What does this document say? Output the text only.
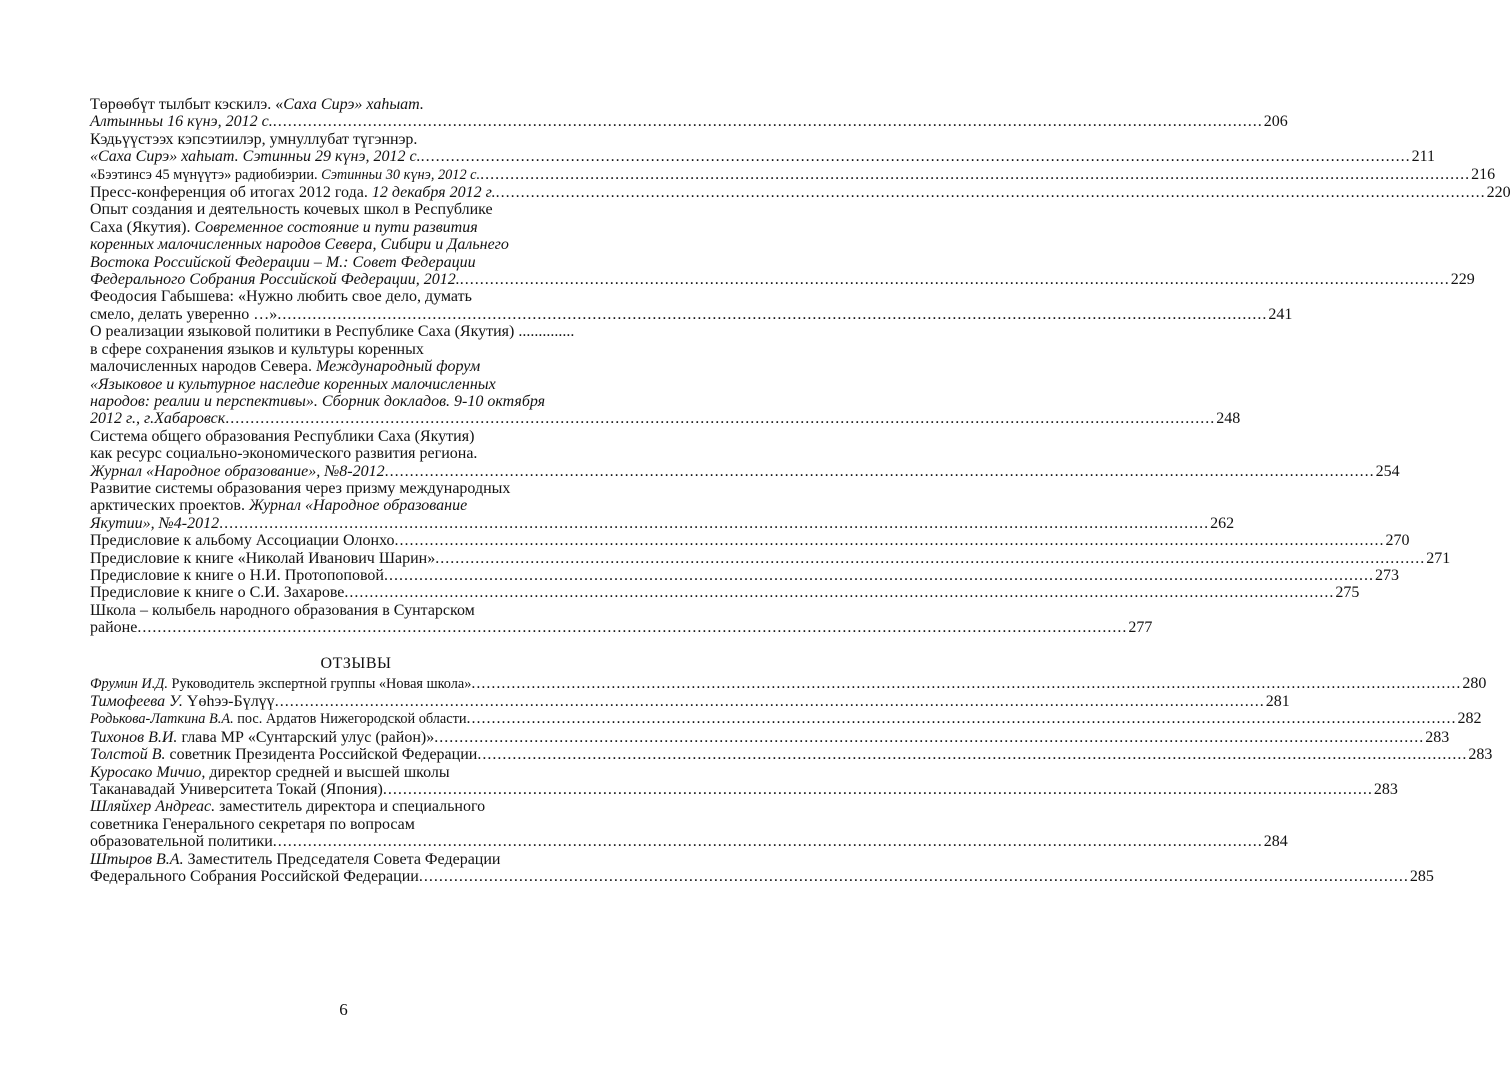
Төрөөбүт тылбыт кэскилэ. «Саха Сирэ» хаһыат.
Алтынньы 16 күнэ, 2012 с. .....	206
Кэдьүүстээх кэпсэтиилэр, умнуллубат түгэннэр.
«Саха Сирэ» хаһыат. Сэтинньи 29 күнэ, 2012 с. .....	211
«Бээтинсэ 45 мүнүүтэ» радиобиэрии. Сэтинньи 30 күнэ, 2012 с. .....	216
Пресс-конференция об итогах 2012 года. 12 декабря 2012 г. .....	220
Опыт создания и деятельность кочевых школ в Республике
Саха (Якутия). Современное состояние и пути развития
коренных малочисленных народов Севера, Сибири и Дальнего
Востока Российской Федерации – М.: Совет Федерации
Федерального Собрания Российской Федерации, 2012. .....	229
Феодосия Габышева: «Нужно любить свое дело, думать
смело, делать уверенно …» .....	241
О реализации языковой политики в Республике Саха (Якутия) ..............
в сфере сохранения языков и культуры коренных
малочисленных народов Севера. Международный форум
«Языковое и культурное наследие коренных малочисленных
народов: реалии и перспективы». Сборник докладов. 9-10 октября
2012 г., г.Хабаровск .....	248
Система общего образования Республики Саха (Якутия)
как ресурс социально-экономического развития региона.
Журнал «Народное образование», №8-2012 .....	254
Развитие системы образования через призму международных
арктических проектов. Журнал «Народное образование
Якутии», №4-2012 .....	262
Предисловие к альбому Ассоциации Олонхо .....	270
Предисловие к книге «Николай Иванович Шарин» .....	271
Предисловие к книге о Н.И. Протопоповой .....	273
Предисловие к книге о С.И. Захарове .....	275
Школа – колыбель народного образования в Сунтарском
районе .....	277
ОТЗЫВЫ
Фрумин И.Д. Руководитель экспертной группы «Новая школа» .....	280
Тимофеева У. Үөһээ-Бүлүү .....	281
Родькова-Латкина В.А. пос. Ардатов Нижегородской области .....	282
Тихонов В.И. глава МР «Сунтарский улус (район)» .....	283
Толстой В. советник Президента Российской Федерации .....	283
Куросако Мичио, директор средней и высшей школы
Таканавадай Университета Токай (Япония) .....	283
Шляйхер Андреас. заместитель директора и специального
советника Генерального секретаря по вопросам
образовательной политики .....	284
Штыров В.А. Заместитель Председателя Совета Федерации
Федерального Собрания Российской Федерации .....	285
6
